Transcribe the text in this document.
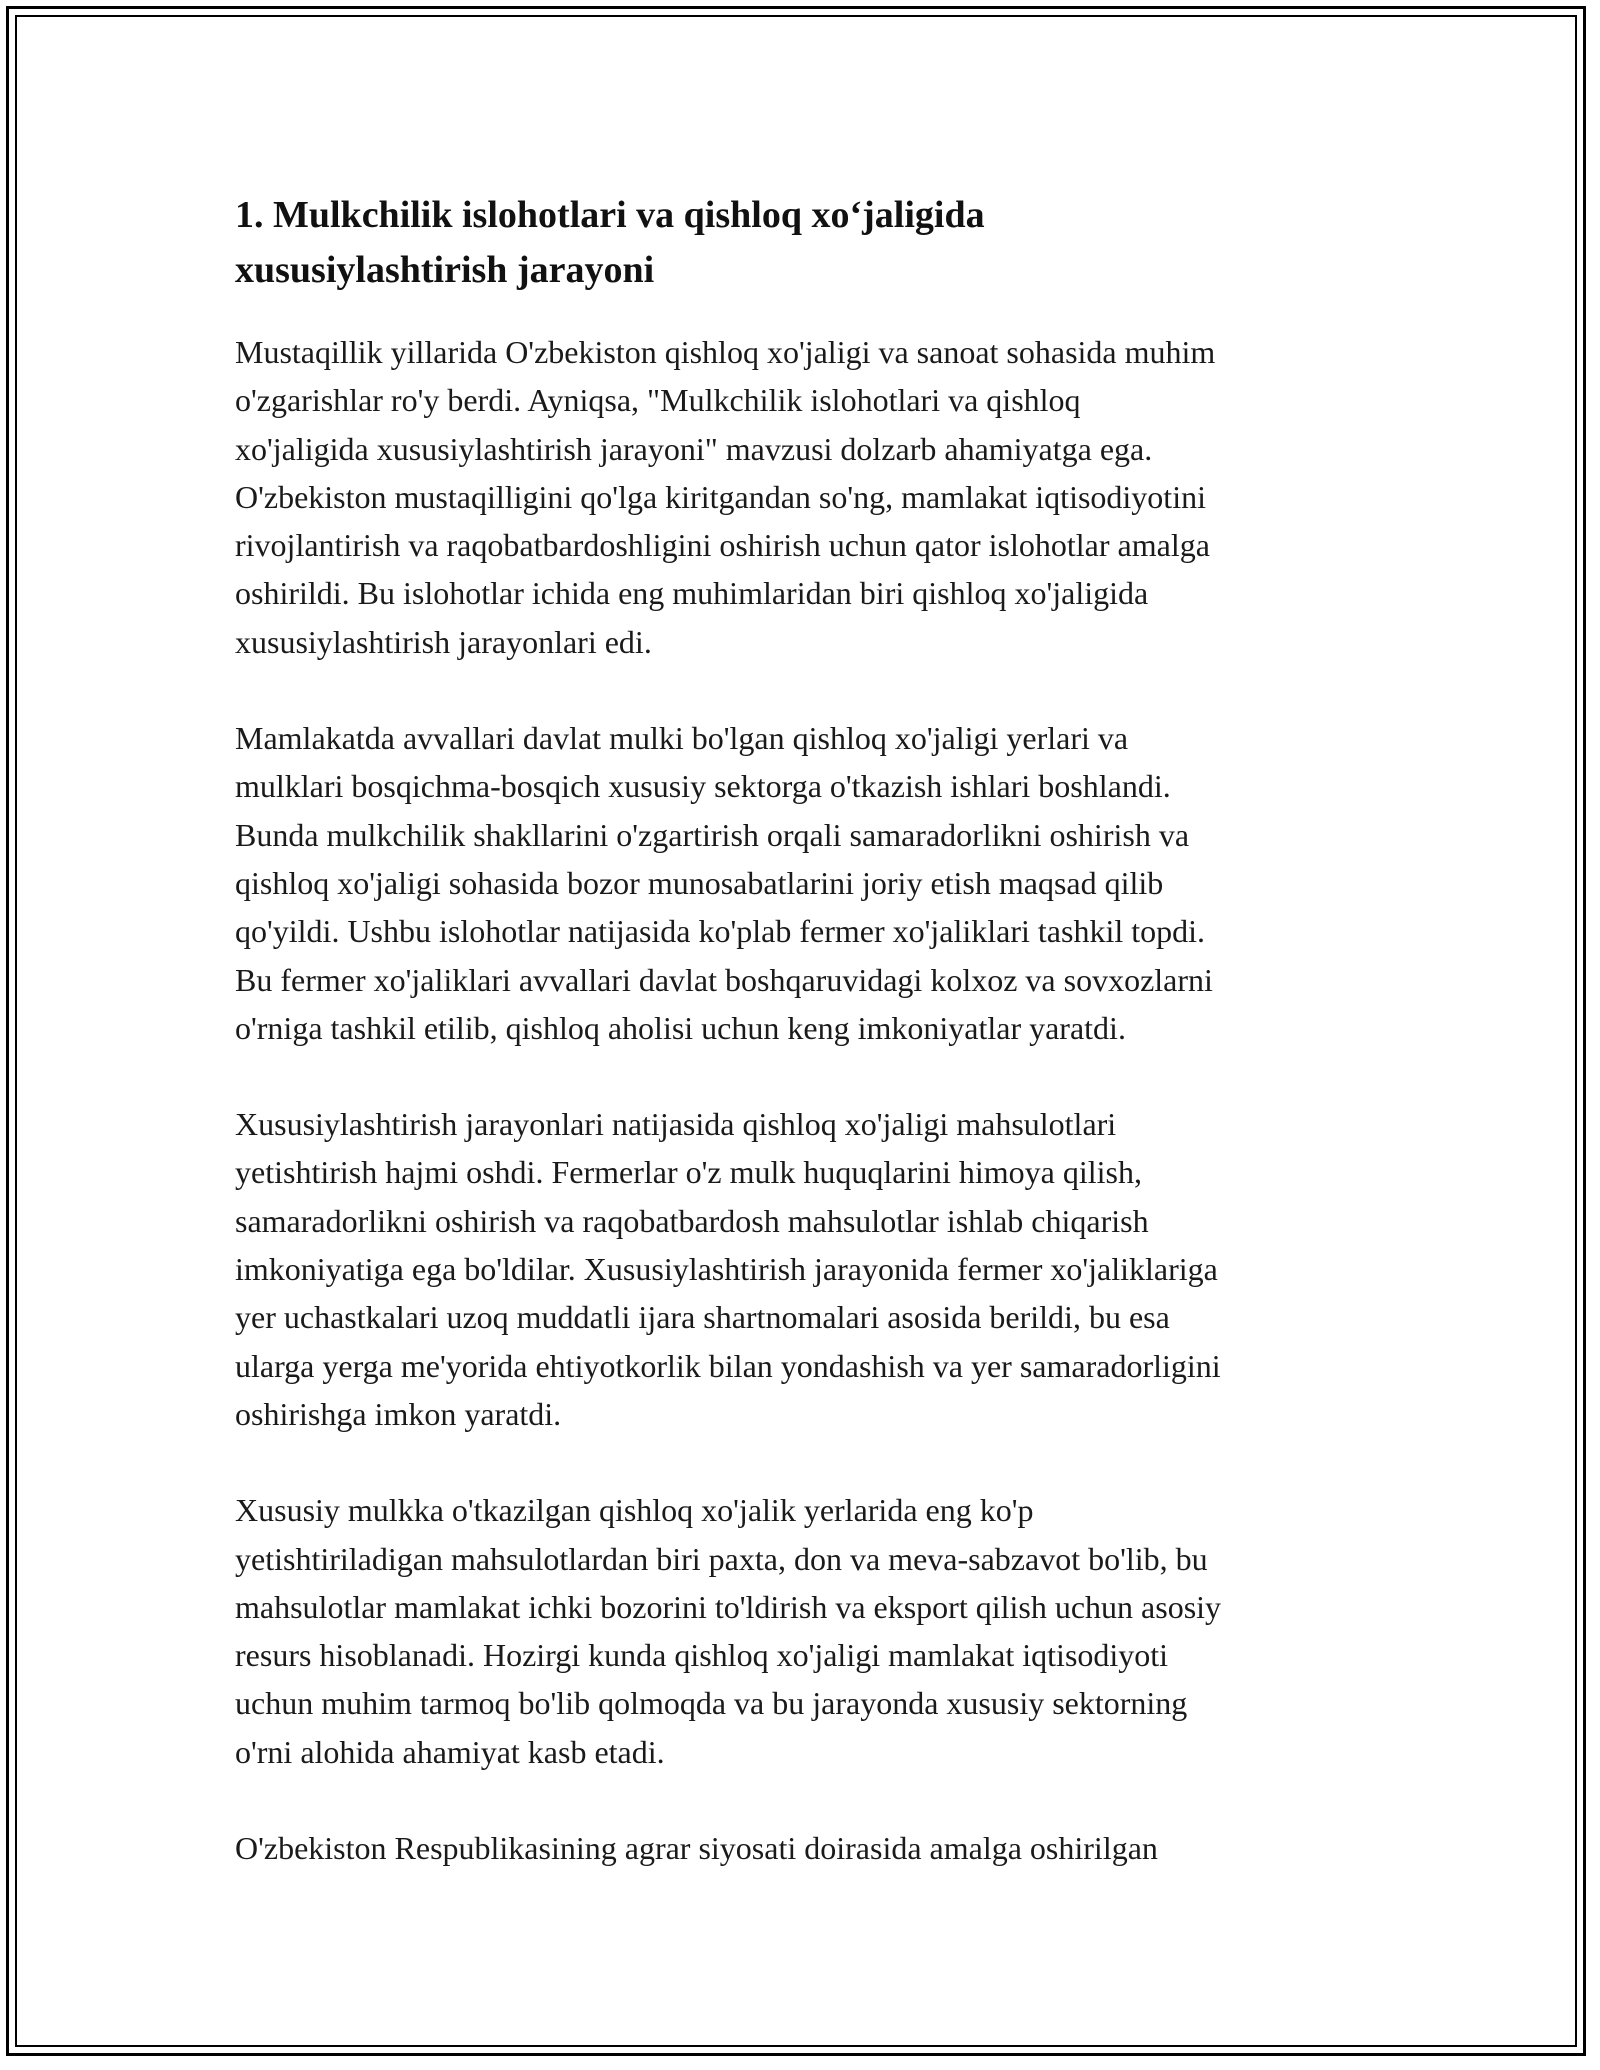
1. Mulkchilik islohotlari va qishloq xo‘jaligida
xususiylashtirish jarayoni

Mustaqillik yillarida O'zbekiston qishloq xo'jaligi va sanoat sohasida muhim
o'zgarishlar ro'y berdi. Ayniqsa, "Mulkchilik islohotlari va qishloq
xo'jaligida xususiylashtirish jarayoni" mavzusi dolzarb ahamiyatga ega.
O'zbekiston mustaqilligini qo'lga kiritgandan so'ng, mamlakat iqtisodiyotini
rivojlantirish va raqobatbardoshligini oshirish uchun qator islohotlar amalga
oshirildi. Bu islohotlar ichida eng muhimlaridan biri qishloq xo'jaligida
xususiylashtirish jarayonlari edi.

Mamlakatda avvallari davlat mulki bo'lgan qishloq xo'jaligi yerlari va
mulklari bosqichma-bosqich xususiy sektorga o'tkazish ishlari boshlandi.
Bunda mulkchilik shakllarini o'zgartirish orqali samaradorlikni oshirish va
qishloq xo'jaligi sohasida bozor munosabatlarini joriy etish maqsad qilib
qo'yildi. Ushbu islohotlar natijasida ko'plab fermer xo'jaliklari tashkil topdi.
Bu fermer xo'jaliklari avvallari davlat boshqaruvidagi kolxoz va sovxozlarni
o'rniga tashkil etilib, qishloq aholisi uchun keng imkoniyatlar yaratdi.

Xususiylashtirish jarayonlari natijasida qishloq xo'jaligi mahsulotlari
yetishtirish hajmi oshdi. Fermerlar o'z mulk huquqlarini himoya qilish,
samaradorlikni oshirish va raqobatbardosh mahsulotlar ishlab chiqarish
imkoniyatiga ega bo'ldilar. Xususiylashtirish jarayonida fermer xo'jaliklariga
yer uchastkalari uzoq muddatli ijara shartnomalari asosida berildi, bu esa
ularga yerga me'yorida ehtiyotkorlik bilan yondashish va yer samaradorligini
oshirishga imkon yaratdi.

Xususiy mulkka o'tkazilgan qishloq xo'jalik yerlarida eng ko'p
yetishtiriladigan mahsulotlardan biri paxta, don va meva-sabzavot bo'lib, bu
mahsulotlar mamlakat ichki bozorini to'ldirish va eksport qilish uchun asosiy
resurs hisoblanadi. Hozirgi kunda qishloq xo'jaligi mamlakat iqtisodiyoti
uchun muhim tarmoq bo'lib qolmoqda va bu jarayonda xususiy sektorning
o'rni alohida ahamiyat kasb etadi.

O'zbekiston Respublikasining agrar siyosati doirasida amalga oshirilgan
